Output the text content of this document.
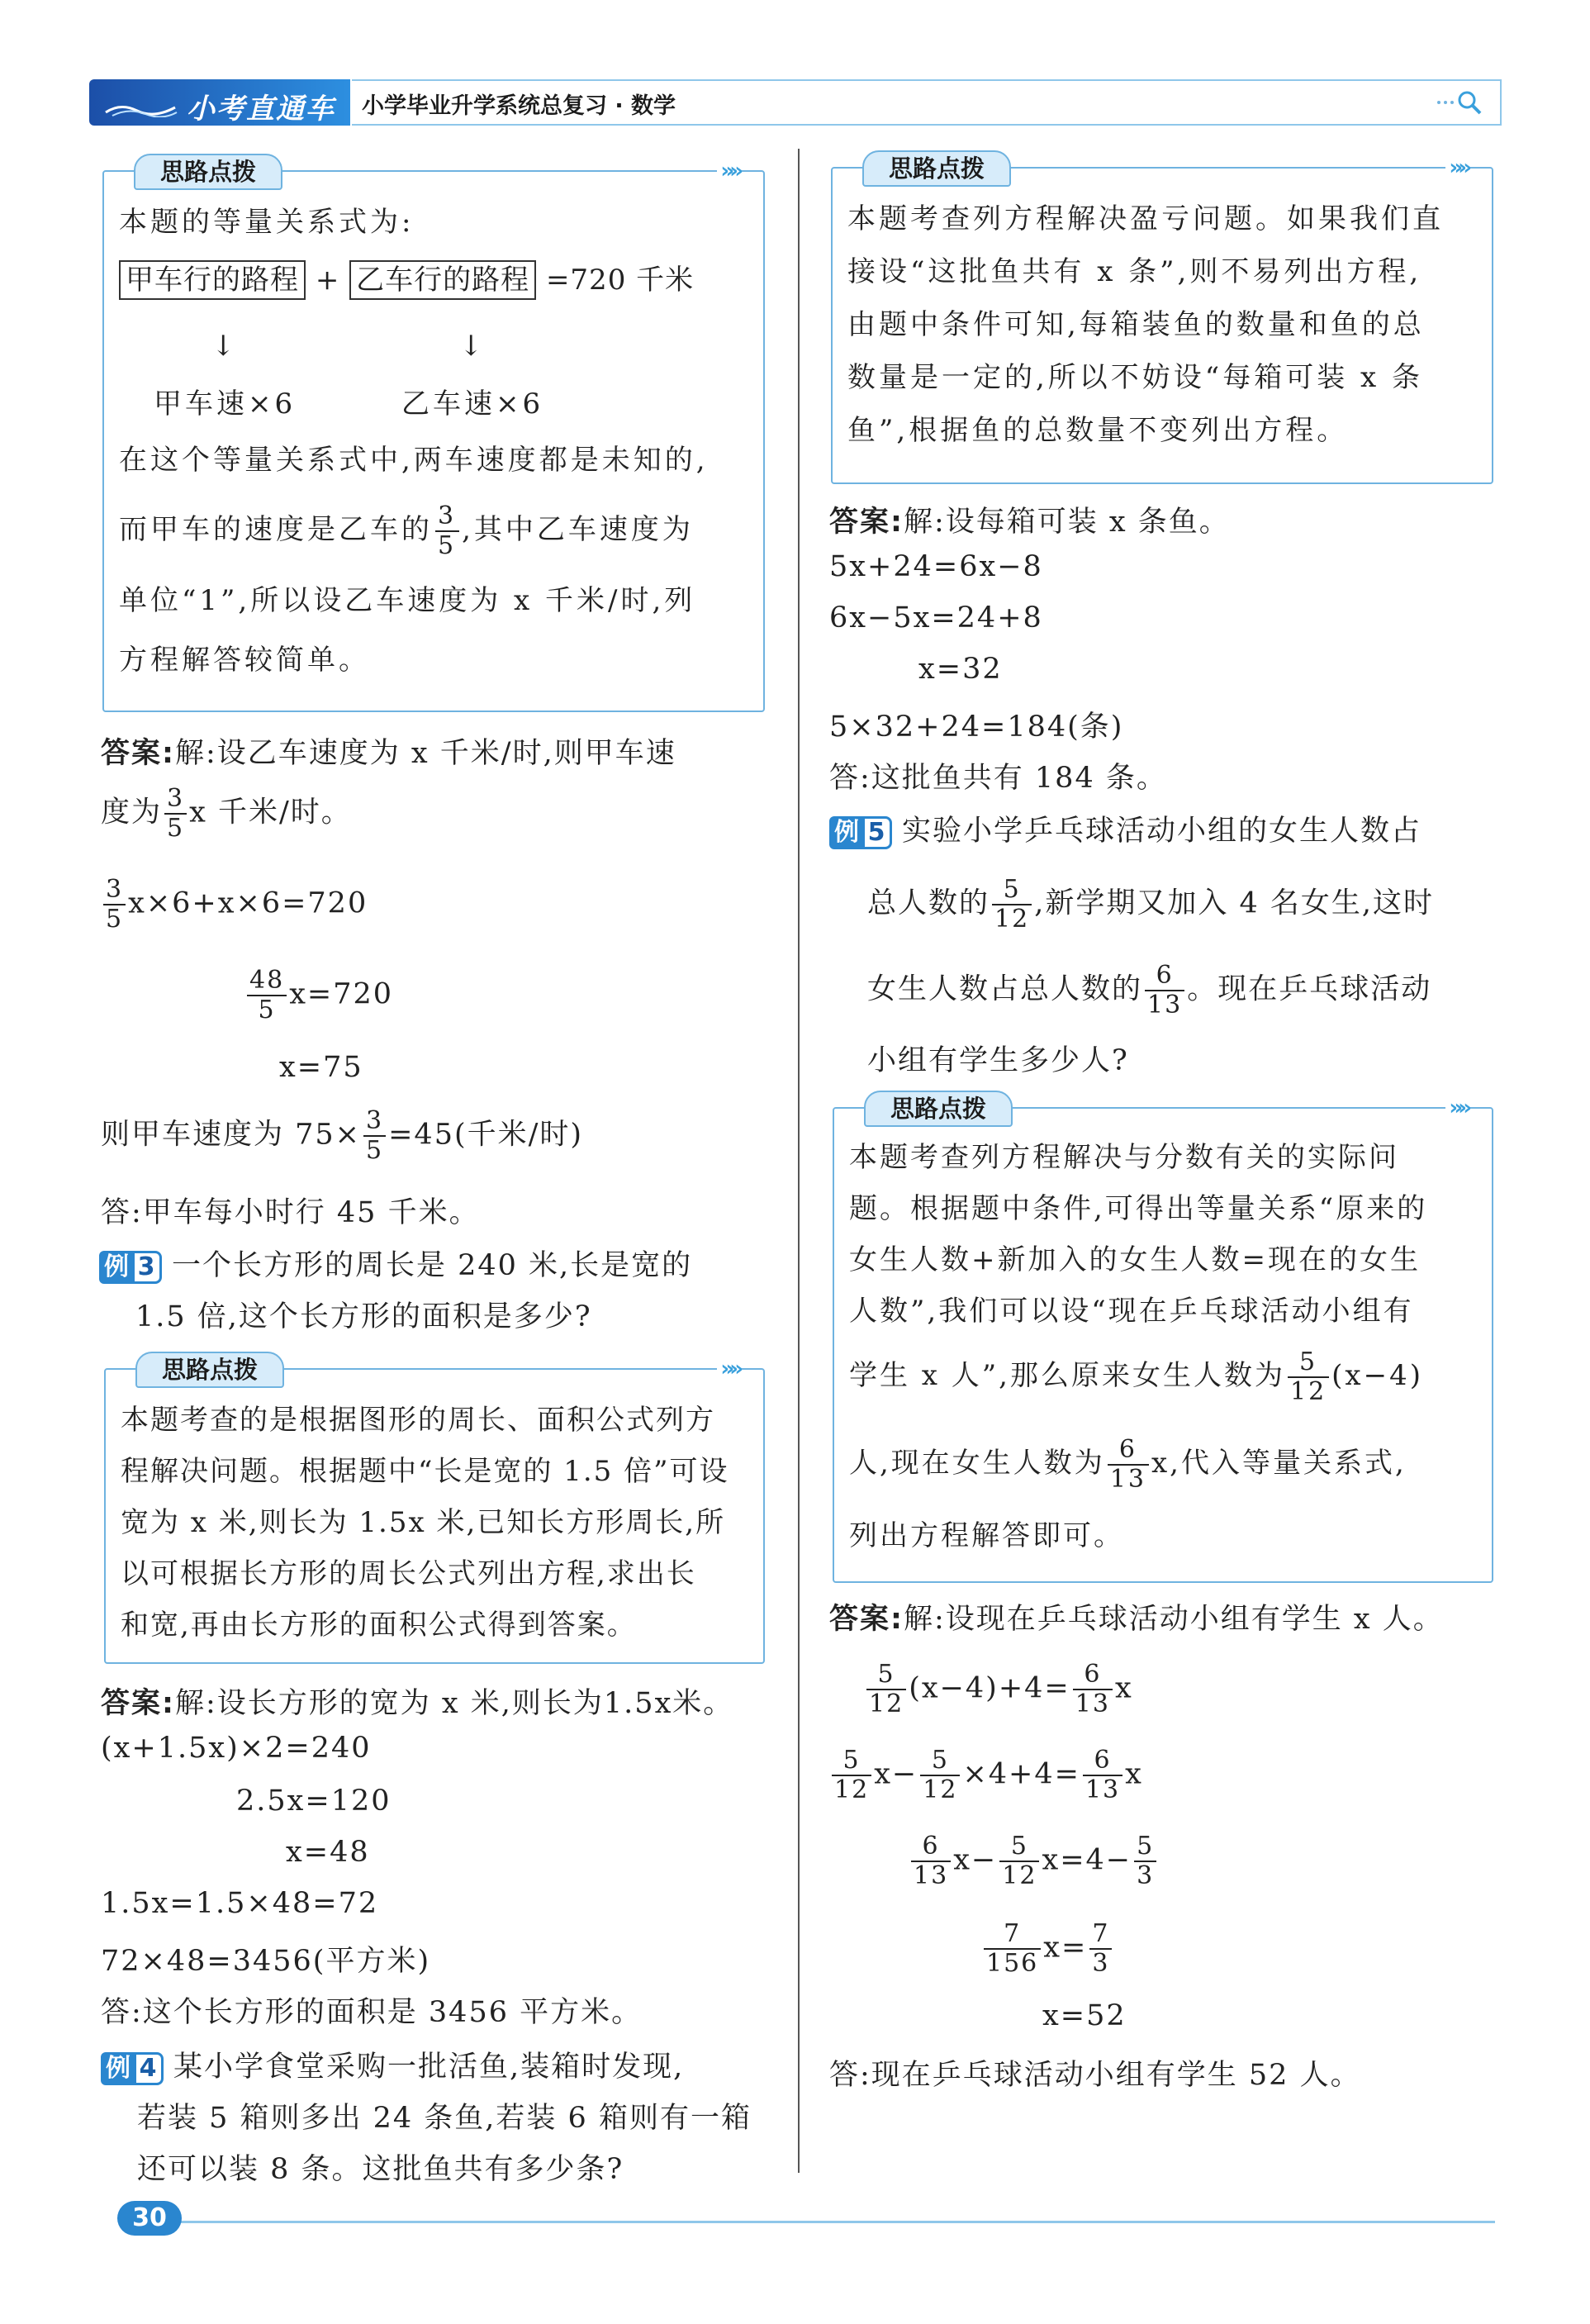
小考直通车 小学毕业升学系统总复习 · 数学
思路点拨	»»
本题的等量关系式为:
甲车行的路程 + 乙车行的路程 =720 千米
↓	↓
甲车速×6	乙车速×6
在这个等量关系式中,两车速度都是未知的,
而甲车的速度是乙车的 $\frac{3}{5}$ ,其中乙车速度为
单位“1”,所以设乙车速度为 x 千米/时,列
方程解答较简单。
答案:解:设乙车速度为 x 千米/时,则甲车速
度为 $\frac{3}{5}$ x 千米/时。
$\frac{3}{5} x\times 6+x\times 6=720$
$\frac{48}{5} x=720$
x=75
则甲车速度为 $75\times \frac{3}{5} =45$(千米/时)
答:甲车每小时行 45 千米。
例 3 一个长方形的周长是 240 米,长是宽的
1.5 倍,这个长方形的面积是多少?
思路点拨	»»
本题考查的是根据图形的周长、面积公式列方
程解决问题。根据题中“长是宽的 1.5 倍”可设
宽为 x 米,则长为 1.5x 米,已知长方形周长,所
以可根据长方形的周长公式列出方程,求出长
和宽,再由长方形的面积公式得到答案。
答案:解:设长方形的宽为 x 米,则长为1.5x米。
(x+1.5x)×2=240
2.5x=120
x=48
1.5x=1.5×48=72
72×48=3456(平方米)
答:这个长方形的面积是 3456 平方米。
例 4 某小学食堂采购一批活鱼,装箱时发现,
若装 5 箱则多出 24 条鱼,若装 6 箱则有一箱
还可以装 8 条。这批鱼共有多少条?
思路点拨	»»
本题考查列方程解决盈亏问题。如果我们直
接设“这批鱼共有 x 条”,则不易列出方程,
由题中条件可知,每箱装鱼的数量和鱼的总
数量是一定的,所以不妨设“每箱可装 x 条
鱼”,根据鱼的总数量不变列出方程。
答案:解:设每箱可装 x 条鱼。
5x+24=6x−8
6x−5x=24+8
x=32
5×32+24=184(条)
答:这批鱼共有 184 条。
例 5 实验小学乒乓球活动小组的女生人数占
总人数的 $\frac{5}{12}$ ,新学期又加入 4 名女生,这时
女生人数占总人数的 $\frac{6}{13}$ 。现在乒乓球活动
小组有学生多少人?
思路点拨	»»
本题考查列方程解决与分数有关的实际问
题。根据题中条件,可得出等量关系“原来的
女生人数+新加入的女生人数=现在的女生
人数”,我们可以设“现在乒乓球活动小组有
学生 x 人”,那么原来女生人数为 $\frac{5}{12} (x-4)$
人,现在女生人数为 $\frac{6}{13} x$,代入等量关系式,
列出方程解答即可。
答案:解:设现在乒乓球活动小组有学生 x 人。
$\frac{5}{12} (x-4)+4= \frac{6}{13}$ x
$\frac{5}{12} x- \frac{5}{12} \times 4+4= \frac{6}{13}$ x
$\frac{6}{13} x- \frac{5}{12} x=4- \frac{5}{3}$
$\frac{7}{156} x= \frac{7}{3}$
x=52
答:现在乒乓球活动小组有学生 52 人。
30
